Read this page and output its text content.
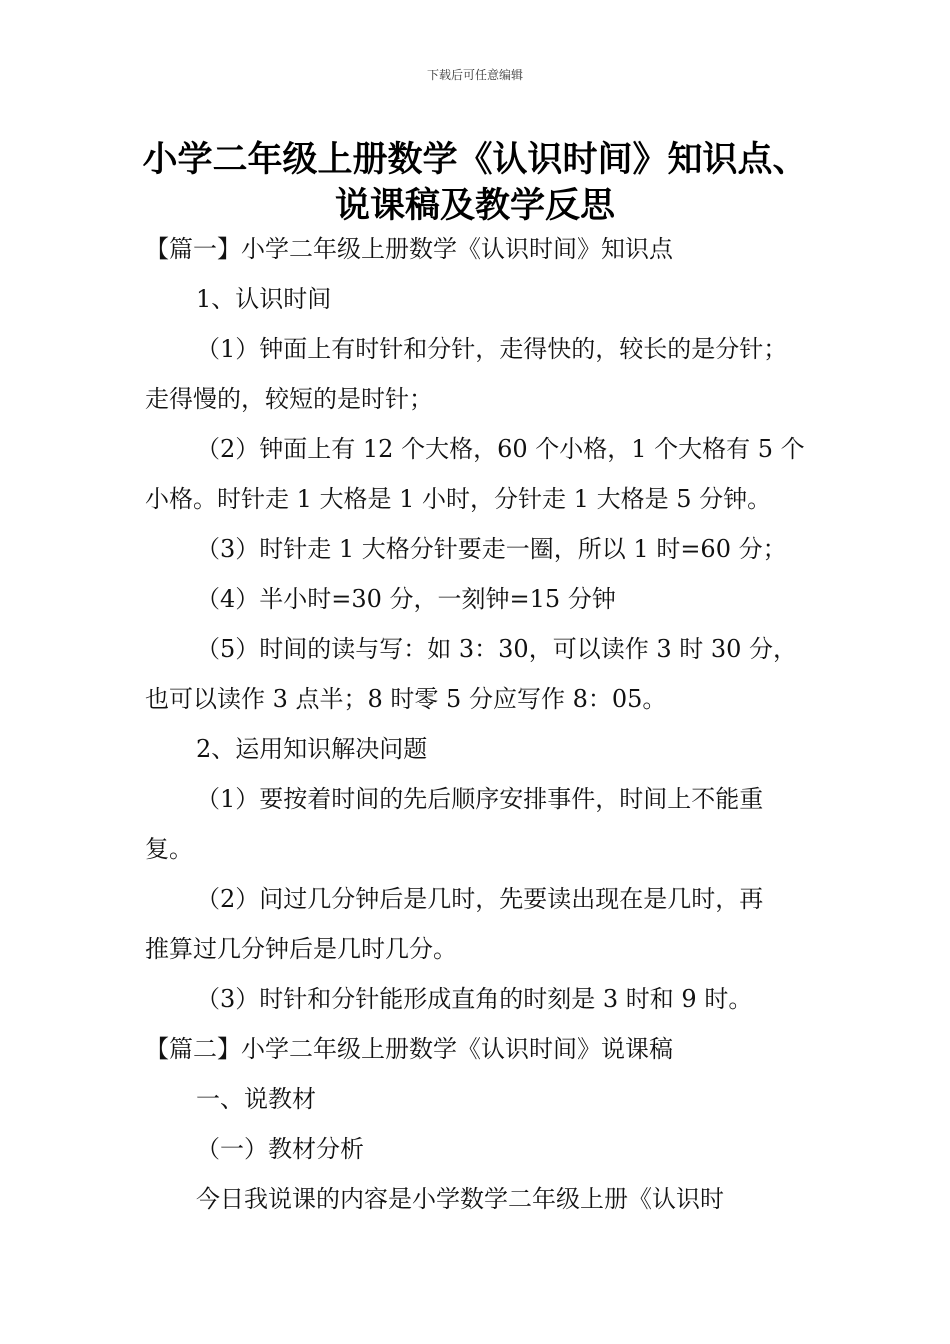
下载后可任意编辑
小学二年级上册数学《认识时间》知识点、
说课稿及教学反思
【篇一】小学二年级上册数学《认识时间》知识点
1、认识时间
（1）钟面上有时针和分针，走得快的，较长的是分针；
走得慢的，较短的是时针；
（2）钟面上有 12 个大格，60 个小格，1 个大格有 5 个
小格。时针走 1 大格是 1 小时，分针走 1 大格是 5 分钟。
（3）时针走 1 大格分针要走一圈，所以 1 时=60 分；
（4）半小时=30 分，一刻钟=15 分钟
（5）时间的读与写：如 3：30，可以读作 3 时 30 分，
也可以读作 3 点半；8 时零 5 分应写作 8：05。
2、运用知识解决问题
（1）要按着时间的先后顺序安排事件，时间上不能重
复。
（2）问过几分钟后是几时，先要读出现在是几时，再
推算过几分钟后是几时几分。
（3）时针和分针能形成直角的时刻是 3 时和 9 时。
【篇二】小学二年级上册数学《认识时间》说课稿
一、说教材
（一）教材分析
今日我说课的内容是小学数学二年级上册《认识时
